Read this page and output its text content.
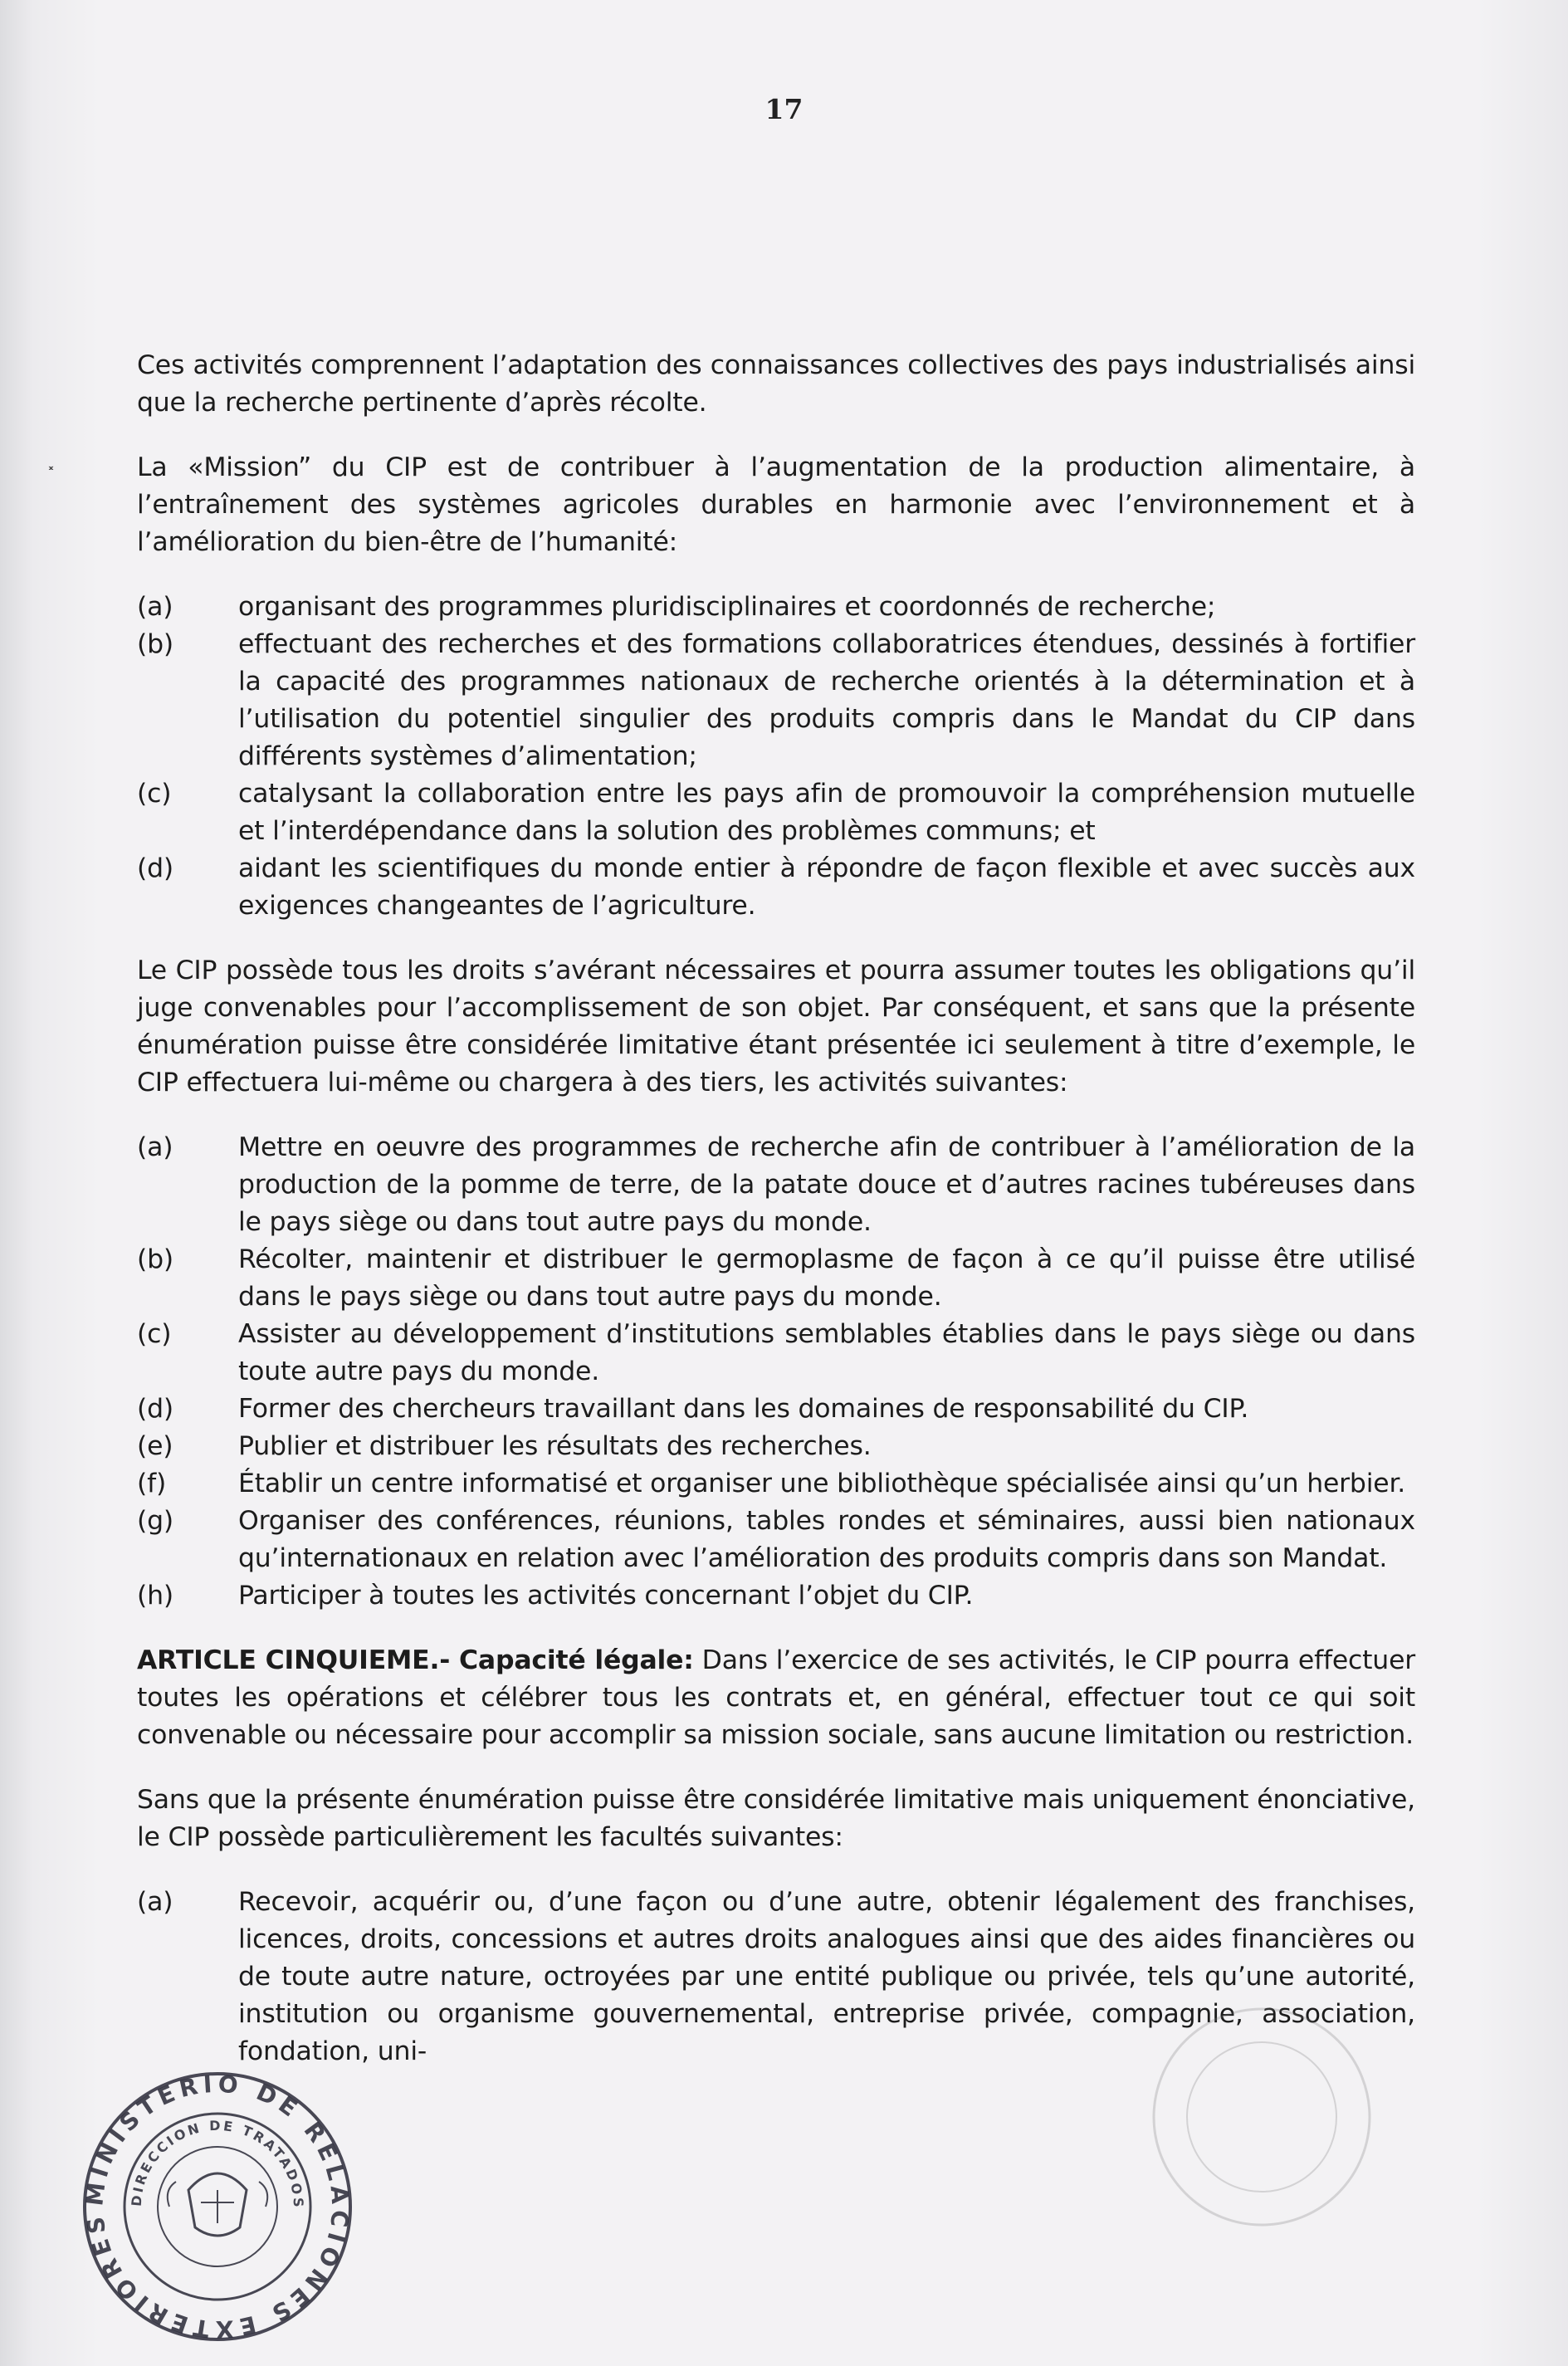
17
˟

Ces activités comprennent l’adaptation des connaissances collectives des pays industrialisés ainsi que la recherche pertinente d’après récolte.

La «Mission” du CIP est de contribuer à l’augmentation de la production alimentaire, à l’entraînement des systèmes agricoles durables en harmonie avec l’environnement et à l’amélioration du bien-être de l’humanité:

(a)	organisant des programmes pluridisciplinaires et coordonnés de recherche;
(b)	effectuant des recherches et des formations collaboratrices étendues, dessinés à fortifier la capacité des programmes nationaux de recherche orientés à la détermination et à l’utilisation du potentiel singulier des produits compris dans le Mandat du CIP dans différents systèmes d’alimentation;
(c)	catalysant la collaboration entre les pays afin de promouvoir la compréhension mutuelle et l’interdépendance dans la solution des problèmes communs; et
(d)	aidant les scientifiques du monde entier à répondre de façon flexible et avec succès aux exigences changeantes de l’agriculture.

Le CIP possède tous les droits s’avérant nécessaires et pourra assumer toutes les obligations qu’il juge convenables pour l’accomplissement de son objet. Par conséquent, et sans que la présente énumération puisse être considérée limitative étant présentée ici seulement à titre d’exemple, le CIP effectuera lui-même ou chargera à des tiers, les activités suivantes:

(a)	Mettre en oeuvre des programmes de recherche afin de contribuer à l’amélioration de la production de la pomme de terre, de la patate douce et d’autres racines tubéreuses dans le pays siège ou dans tout autre pays du monde.
(b)	Récolter, maintenir et distribuer le germoplasme de façon à ce qu’il puisse être utilisé dans le pays siège ou dans tout autre pays du monde.
(c)	Assister au développement d’institutions semblables établies dans le pays siège ou dans toute autre pays du monde.
(d)	Former des chercheurs travaillant dans les domaines de responsabilité du CIP.
(e)	Publier et distribuer les résultats des recherches.
(f)	Établir un centre informatisé et organiser une bibliothèque spécialisée ainsi qu’un herbier.
(g)	Organiser des conférences, réunions, tables rondes et séminaires, aussi bien nationaux qu’internationaux en relation avec l’amélioration des produits compris dans son Mandat.
(h)	Participer à toutes les activités concernant l’objet du CIP.

ARTICLE CINQUIEME.- Capacité légale: Dans l’exercice de ses activités, le CIP pourra effectuer toutes les opérations et célébrer tous les contrats et, en général, effectuer tout ce qui soit convenable ou nécessaire pour accomplir sa mission sociale, sans aucune limitation ou restriction.

Sans que la présente énumération puisse être considérée limitative mais uniquement énonciative, le CIP possède particulièrement les facultés suivantes:

(a)	Recevoir, acquérir ou, d’une façon ou d’une autre, obtenir légalement des franchises, licences, droits, concessions et autres droits analogues ainsi que des aides financières ou de toute autre nature, octroyées par une entité publique ou privée, tels qu’une autorité, institution ou organisme gouvernemental, entreprise privée, compagnie, association, fondation, uni-
MINISTERIO DE RELACIONES EXTERIORES
DIRECCION DE TRATADOS
